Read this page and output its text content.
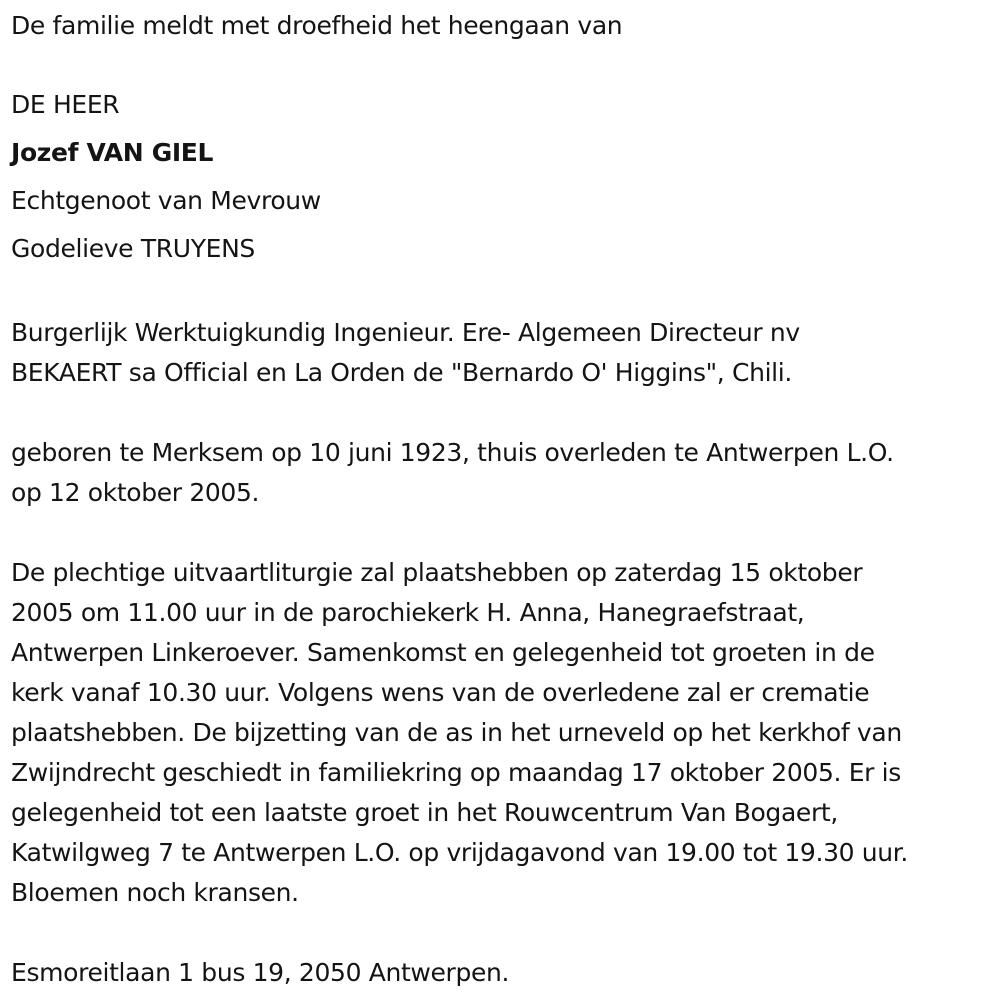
De familie meldt met droefheid het heengaan van
DE HEER
Jozef VAN GIEL
Echtgenoot van Mevrouw
Godelieve TRUYENS
Burgerlijk Werktuigkundig Ingenieur. Ere- Algemeen Directeur nv
BEKAERT sa Official en La Orden de "Bernardo O' Higgins", Chili.
geboren te Merksem op 10 juni 1923, thuis overleden te Antwerpen L.O.
op 12 oktober 2005.
De plechtige uitvaartliturgie zal plaatshebben op zaterdag 15 oktober
2005 om 11.00 uur in de parochiekerk H. Anna, Hanegraefstraat,
Antwerpen Linkeroever. Samenkomst en gelegenheid tot groeten in de
kerk vanaf 10.30 uur. Volgens wens van de overledene zal er crematie
plaatshebben. De bijzetting van de as in het urneveld op het kerkhof van
Zwijndrecht geschiedt in familiekring op maandag 17 oktober 2005. Er is
gelegenheid tot een laatste groet in het Rouwcentrum Van Bogaert,
Katwilgweg 7 te Antwerpen L.O. op vrijdagavond van 19.00 tot 19.30 uur.
Bloemen noch kransen.
Esmoreitlaan 1 bus 19, 2050 Antwerpen.
